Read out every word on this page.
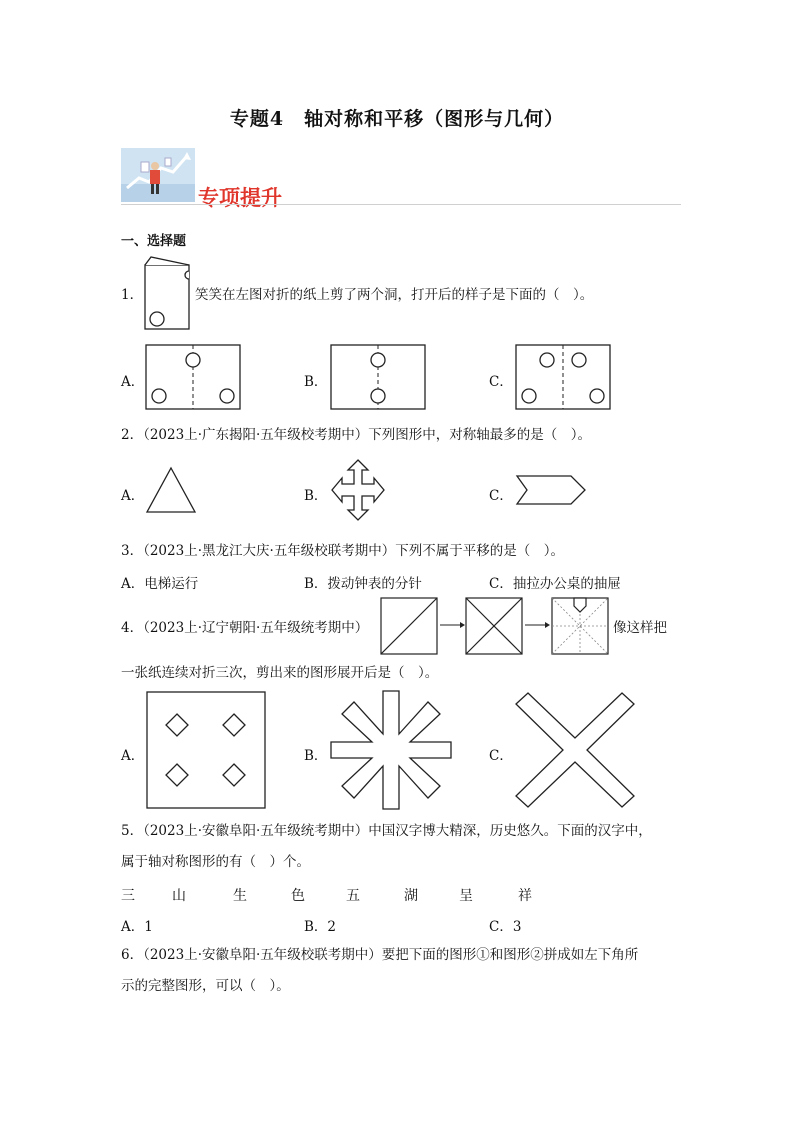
专题4　轴对称和平移（图形与几何）
专项提升
一、选择题
1．	笑笑在左图对折的纸上剪了两个洞，打开后的样子是下面的（　）。
A．	B．	C．
2．（2023上·广东揭阳·五年级校考期中）下列图形中，对称轴最多的是（　）。
A．	B．	C．
3．（2023上·黑龙江大庆·五年级校联考期中）下列不属于平移的是（　）。
A．电梯运行	B．拨动钟表的分针	C．抽拉办公桌的抽屉
4．（2023上·辽宁朝阳·五年级统考期中）	像这样把
一张纸连续对折三次，剪出来的图形展开后是（　）。
A．	B．	C．
5．（2023上·安徽阜阳·五年级统考期中）中国汉字博大精深，历史悠久。下面的汉字中，
属于轴对称图形的有（　）个。
三	山	生	色	五	湖	呈	祥
A．1	B．2	C．3
6．（2023上·安徽阜阳·五年级校联考期中）要把下面的图形①和图形②拼成如左下角所
示的完整图形，可以（　）。
